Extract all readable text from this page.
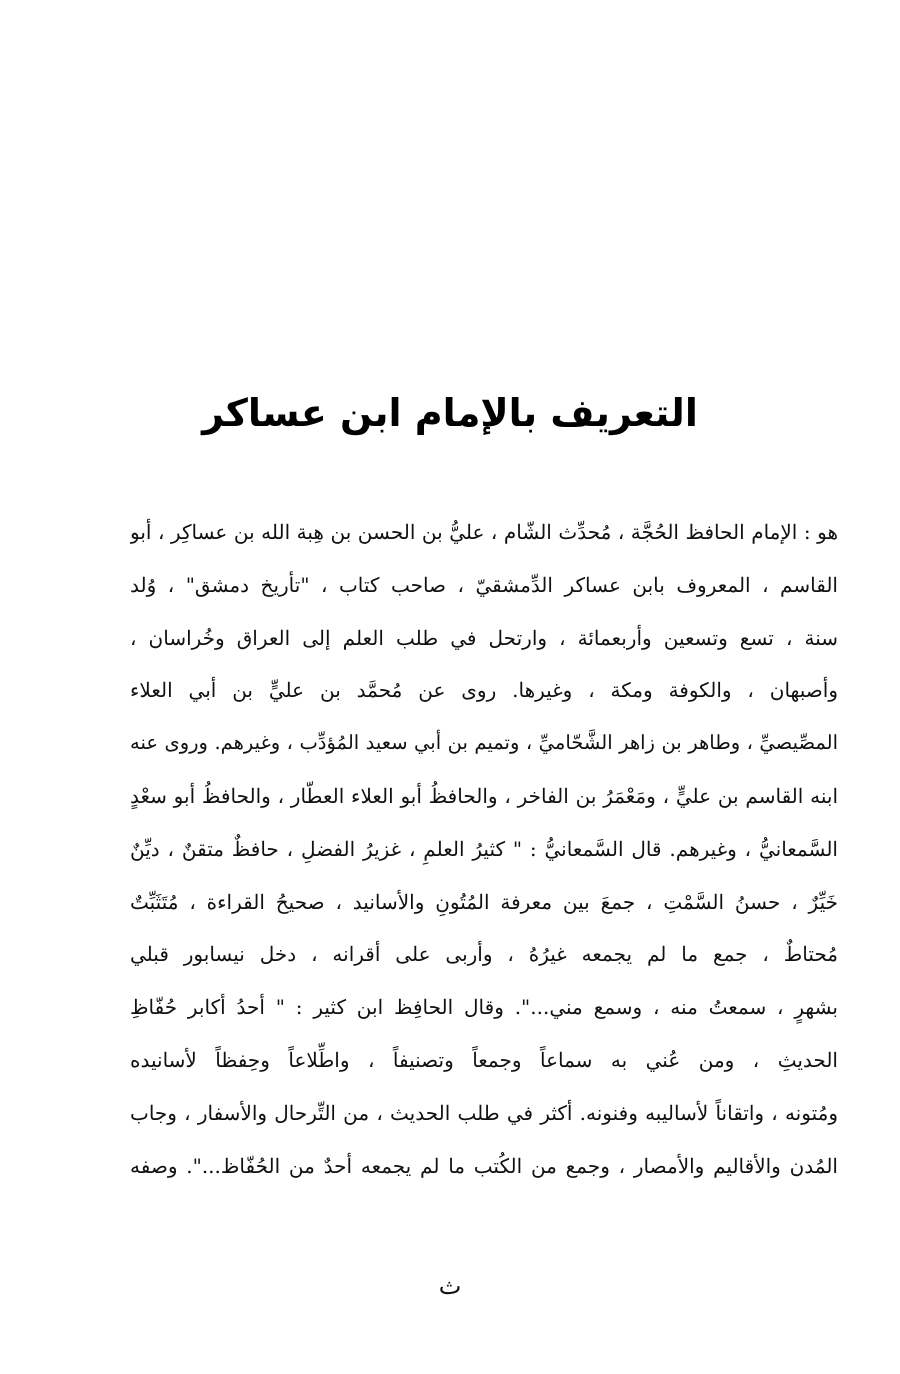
التعريف بالإمام ابن عساكر
هو : الإمام الحافظ الحُجَّة ، مُحدِّث الشّام ، عليُّ بن الحسن بن هِبة الله بن عساكِر ، أبو
القاسم ، المعروف بابن عساكر الدِّمشقيّ ، صاحب كتاب ، "تأريخ دمشق" ، وُلد
سنة ، تسع وتسعين وأربعمائة ، وارتحل في طلب العلم إلى العراق وخُراسان ،
وأصبهان ، والكوفة ومكة ، وغيرها. روى عن مُحمَّد بن عليٍّ بن أبي العلاء
المصِّيصيِّ ، وطاهر بن زاهر الشَّحّاميِّ ، وتميم بن أبي سعيد المُؤدِّب ، وغيرهم. وروى عنه
ابنه القاسم بن عليٍّ ، ومَعْمَرُ بن الفاخر ، والحافظُ أبو العلاء العطّار ، والحافظُ أبو سعْدٍ
السَّمعانيُّ ، وغيرهم. قال السَّمعانيُّ : " كثيرُ العلمِ ، غزيرُ الفضلِ ، حافظٌ متقنٌ ، ديِّنٌ
خَيِّرٌ ، حسنُ السَّمْتِ ، جمعَ بين معرفة المُتُونِ والأسانيد ، صحيحُ القراءة ، مُتَثَبِّتٌ
مُحتاطٌ ، جمع ما لم يجمعه غيرُهُ ، وأربى على أقرانه ، دخل نيسابور قبلي
بشهرٍ ، سمعتُ منه ، وسمع مني...". وقال الحافِظ ابن كثير : " أحدُ أكابر حُفّاظِ
الحديثِ ، ومن عُني به سماعاً وجمعاً وتصنيفاً ، واطِّلاعاً وحِفظاً لأسانيده
ومُتونه ، واتقاناً لأساليبه وفنونه. أكثر في طلب الحديث ، من التِّرحال والأسفار ، وجاب
المُدن والأقاليم والأمصار ، وجمع من الكُتب ما لم يجمعه أحدٌ من الحُفّاظ...". وصفه
ث
